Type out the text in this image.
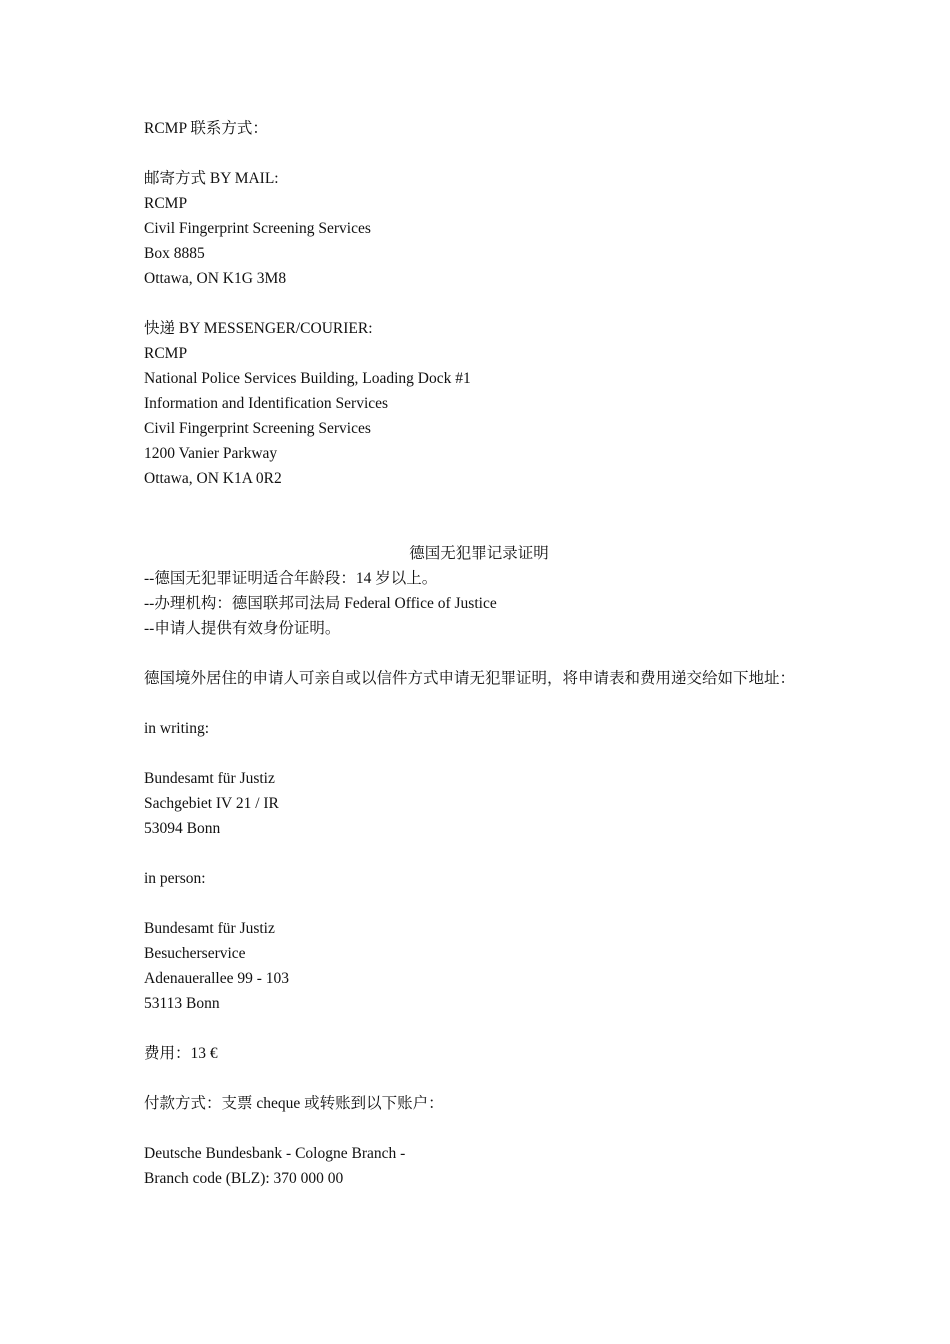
RCMP 联系方式：
邮寄方式 BY MAIL:
RCMP
Civil Fingerprint Screening Services
Box 8885
Ottawa, ON K1G 3M8
快递 BY MESSENGER/COURIER:
RCMP
National Police Services Building, Loading Dock #1
Information and Identification Services
Civil Fingerprint Screening Services
1200 Vanier Parkway
Ottawa, ON K1A 0R2
德国无犯罪记录证明
--德国无犯罪证明适合年龄段：14 岁以上。
--办理机构：德国联邦司法局 Federal Office of Justice
--申请人提供有效身份证明。
德国境外居住的申请人可亲自或以信件方式申请无犯罪证明，将申请表和费用递交给如下地址：
in writing:
Bundesamt für Justiz
Sachgebiet IV 21 / IR
53094 Bonn
in person:
Bundesamt für Justiz
Besucherservice
Adenauerallee 99 - 103
53113 Bonn
费用：13 €
付款方式：支票 cheque 或转账到以下账户：
Deutsche Bundesbank - Cologne Branch -
Branch code (BLZ): 370 000 00
